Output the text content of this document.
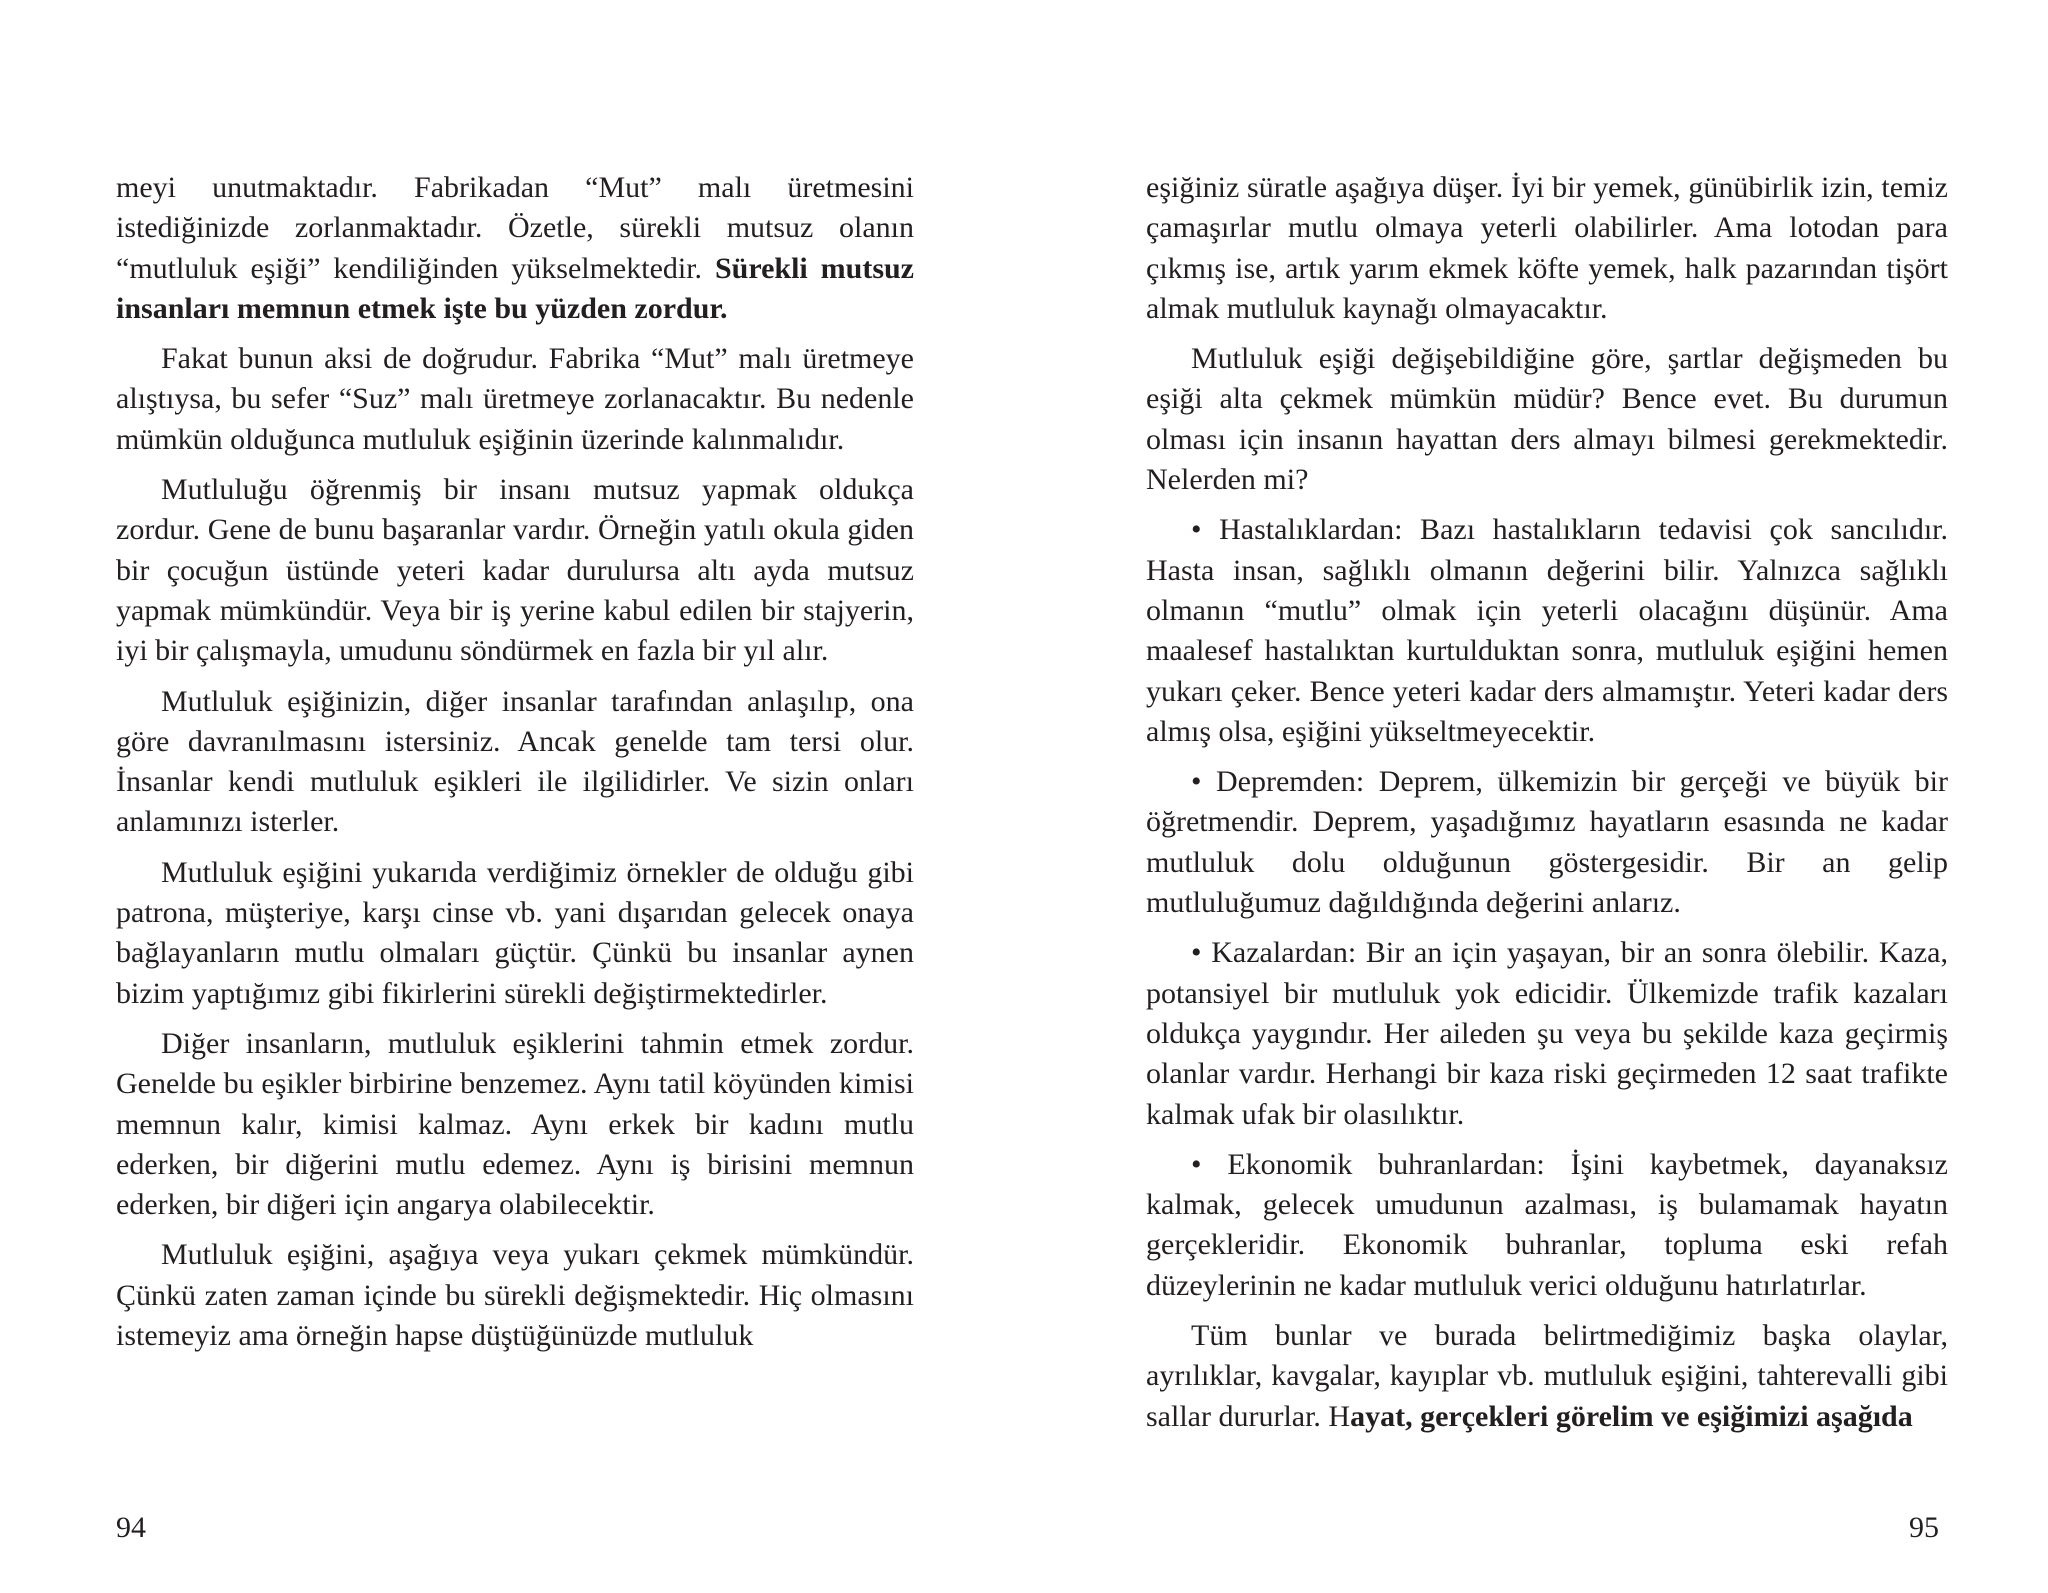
meyi unutmaktadır. Fabrikadan “Mut” malı üretmesini istediğinizde zorlanmaktadır. Özetle, sürekli mutsuz olanın “mutluluk eşiği” kendiliğinden yükselmektedir. Sürekli mutsuz insanları memnun etmek işte bu yüzden zordur.

Fakat bunun aksi de doğrudur. Fabrika “Mut” malı üretmeye alıştıysa, bu sefer “Suz” malı üretmeye zorlanacaktır. Bu nedenle mümkün olduğunca mutluluk eşiğinin üzerinde kalınmalıdır.

Mutluluğu öğrenmiş bir insanı mutsuz yapmak oldukça zordur. Gene de bunu başaranlar vardır. Örneğin yatılı okula giden bir çocuğun üstünde yeteri kadar durulursa altı ayda mutsuz yapmak mümkündür. Veya bir iş yerine kabul edilen bir stajyerin, iyi bir çalışmayla, umudunu söndürmek en fazla bir yıl alır.

Mutluluk eşiğinizin, diğer insanlar tarafından anlaşılıp, ona göre davranılmasını istersiniz. Ancak genelde tam tersi olur. İnsanlar kendi mutluluk eşikleri ile ilgilidirler. Ve sizin onları anlamınızı isterler.

Mutluluk eşiğini yukarıda verdiğimiz örnekler de olduğu gibi patrona, müşteriye, karşı cinse vb. yani dışarıdan gelecek onaya bağlayanların mutlu olmaları güçtür. Çünkü bu insanlar aynen bizim yaptığımız gibi fikirlerini sürekli değiştirmektedirler.

Diğer insanların, mutluluk eşiklerini tahmin etmek zordur. Genelde bu eşikler birbirine benzemez. Aynı tatil köyünden kimisi memnun kalır, kimisi kalmaz. Aynı erkek bir kadını mutlu ederken, bir diğerini mutlu edemez. Aynı iş birisini memnun ederken, bir diğeri için angarya olabilecektir.

Mutluluk eşiğini, aşağıya veya yukarı çekmek mümkündür. Çünkü zaten zaman içinde bu sürekli değişmektedir. Hiç olmasını istemeyiz ama örneğin hapse düştüğünüzde mutluluk

eşiğiniz süratle aşağıya düşer. İyi bir yemek, günübirlik izin, temiz çamaşırlar mutlu olmaya yeterli olabilirler. Ama lotodan para çıkmış ise, artık yarım ekmek köfte yemek, halk pazarından tişört almak mutluluk kaynağı olmayacaktır.

Mutluluk eşiği değişebildiğine göre, şartlar değişmeden bu eşiği alta çekmek mümkün müdür? Bence evet. Bu durumun olması için insanın hayattan ders almayı bilmesi gerekmektedir. Nelerden mi?

• Hastalıklardan: Bazı hastalıkların tedavisi çok sancılıdır. Hasta insan, sağlıklı olmanın değerini bilir. Yalnızca sağlıklı olmanın “mutlu” olmak için yeterli olacağını düşünür. Ama maalesef hastalıktan kurtulduktan sonra, mutluluk eşiğini hemen yukarı çeker. Bence yeteri kadar ders almamıştır. Yeteri kadar ders almış olsa, eşiğini yükseltmeyecektir.

• Depremden: Deprem, ülkemizin bir gerçeği ve büyük bir öğretmendir. Deprem, yaşadığımız hayatların esasında ne kadar mutluluk dolu olduğunun göstergesidir. Bir an gelip mutluluğumuz dağıldığında değerini anlarız.

• Kazalardan: Bir an için yaşayan, bir an sonra ölebilir. Kaza, potansiyel bir mutluluk yok edicidir. Ülkemizde trafik kazaları oldukça yaygındır. Her aileden şu veya bu şekilde kaza geçirmiş olanlar vardır. Herhangi bir kaza riski geçirmeden 12 saat trafikte kalmak ufak bir olasılıktır.

• Ekonomik buhranlardan: İşini kaybetmek, dayanaksız kalmak, gelecek umudunun azalması, iş bulamamak hayatın gerçekleridir. Ekonomik buhranlar, topluma eski refah düzeylerinin ne kadar mutluluk verici olduğunu hatırlatırlar.

Tüm bunlar ve burada belirtmediğimiz başka olaylar, ayrılıklar, kavgalar, kayıplar vb. mutluluk eşiğini, tahterevalli gibi sallar dururlar. Hayat, gerçekleri görelim ve eşiğimizi aşağıda

94	95
